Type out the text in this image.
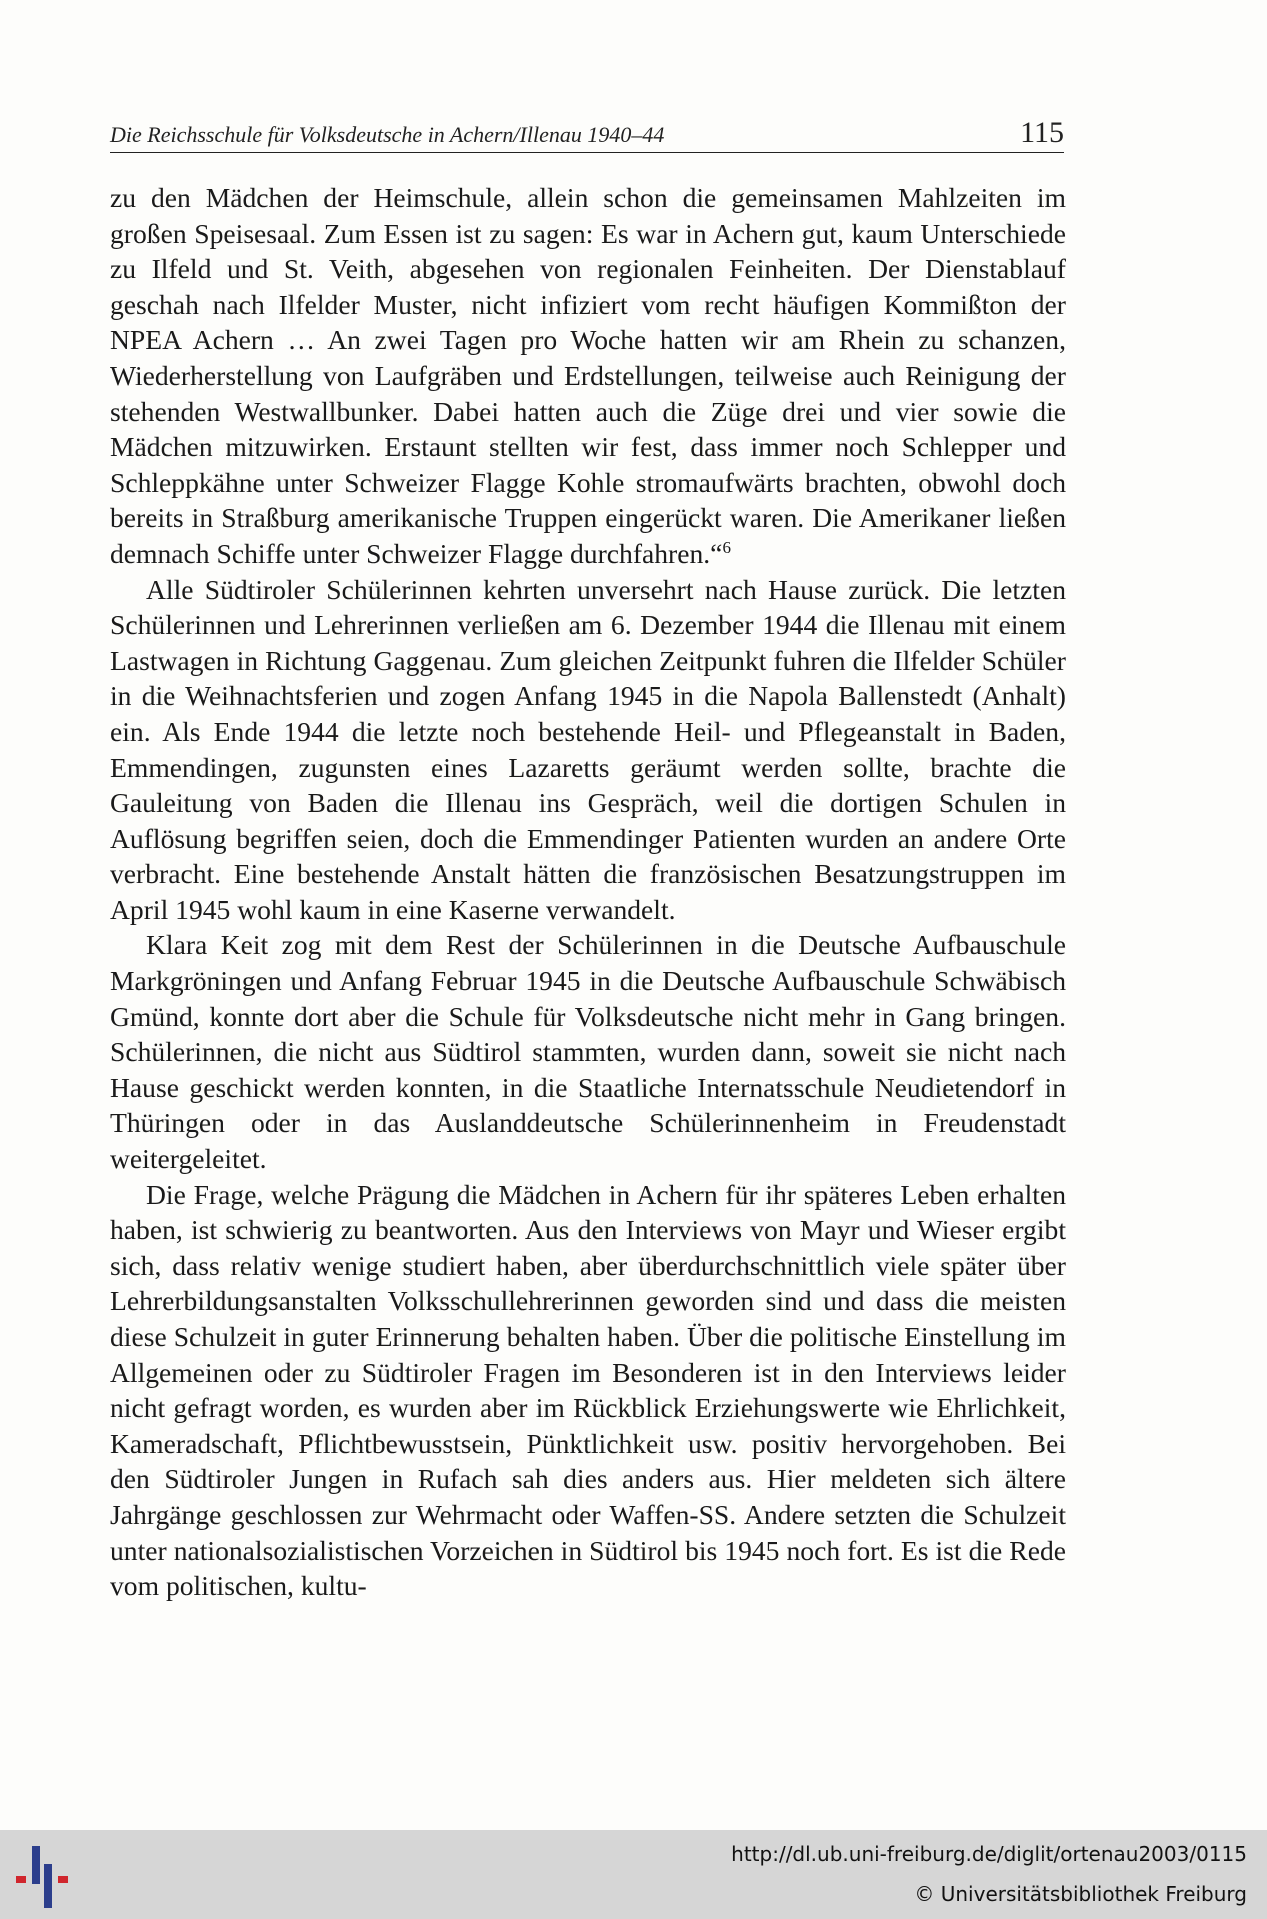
Die Reichsschule für Volksdeutsche in Achern/Illenau 1940–44	115

zu den Mädchen der Heimschule, allein schon die gemeinsamen Mahlzeiten im großen Speisesaal. Zum Essen ist zu sagen: Es war in Achern gut, kaum Unterschiede zu Ilfeld und St. Veith, abgesehen von regionalen Feinheiten. Der Dienstablauf geschah nach Ilfelder Muster, nicht infiziert vom recht häufigen Kommißton der NPEA Achern … An zwei Tagen pro Woche hatten wir am Rhein zu schanzen, Wiederherstellung von Laufgräben und Erdstellungen, teilweise auch Reinigung der stehenden Westwallbunker. Dabei hatten auch die Züge drei und vier sowie die Mädchen mitzuwirken. Erstaunt stellten wir fest, dass immer noch Schlepper und Schleppkähne unter Schweizer Flagge Kohle stromaufwärts brachten, obwohl doch bereits in Straßburg amerikanische Truppen eingerückt waren. Die Amerikaner ließen demnach Schiffe unter Schweizer Flagge durchfahren.“$^6$

Alle Südtiroler Schülerinnen kehrten unversehrt nach Hause zurück. Die letzten Schülerinnen und Lehrerinnen verließen am 6. Dezember 1944 die Illenau mit einem Lastwagen in Richtung Gaggenau. Zum gleichen Zeitpunkt fuhren die Ilfelder Schüler in die Weihnachtsferien und zogen Anfang 1945 in die Napola Ballenstedt (Anhalt) ein. Als Ende 1944 die letzte noch bestehende Heil- und Pflegeanstalt in Baden, Emmendingen, zugunsten eines Lazaretts geräumt werden sollte, brachte die Gauleitung von Baden die Illenau ins Gespräch, weil die dortigen Schulen in Auflösung begriffen seien, doch die Emmendinger Patienten wurden an andere Orte verbracht. Eine bestehende Anstalt hätten die französischen Besatzungstruppen im April 1945 wohl kaum in eine Kaserne verwandelt.

Klara Keit zog mit dem Rest der Schülerinnen in die Deutsche Aufbauschule Markgröningen und Anfang Februar 1945 in die Deutsche Aufbauschule Schwäbisch Gmünd, konnte dort aber die Schule für Volksdeutsche nicht mehr in Gang bringen. Schülerinnen, die nicht aus Südtirol stammten, wurden dann, soweit sie nicht nach Hause geschickt werden konnten, in die Staatliche Internatsschule Neudietendorf in Thüringen oder in das Auslanddeutsche Schülerinnenheim in Freudenstadt weitergeleitet.

Die Frage, welche Prägung die Mädchen in Achern für ihr späteres Leben erhalten haben, ist schwierig zu beantworten. Aus den Interviews von Mayr und Wieser ergibt sich, dass relativ wenige studiert haben, aber überdurchschnittlich viele später über Lehrerbildungsanstalten Volksschullehrerinnen geworden sind und dass die meisten diese Schulzeit in guter Erinnerung behalten haben. Über die politische Einstellung im Allgemeinen oder zu Südtiroler Fragen im Besonderen ist in den Interviews leider nicht gefragt worden, es wurden aber im Rückblick Erziehungswerte wie Ehrlichkeit, Kameradschaft, Pflichtbewusstsein, Pünktlichkeit usw. positiv hervorgehoben. Bei den Südtiroler Jungen in Rufach sah dies anders aus. Hier meldeten sich ältere Jahrgänge geschlossen zur Wehrmacht oder Waffen-SS. Andere setzten die Schulzeit unter nationalsozialistischen Vorzeichen in Südtirol bis 1945 noch fort. Es ist die Rede vom politischen, kultu-

http://dl.ub.uni-freiburg.de/diglit/ortenau2003/0115
© Universitätsbibliothek Freiburg
